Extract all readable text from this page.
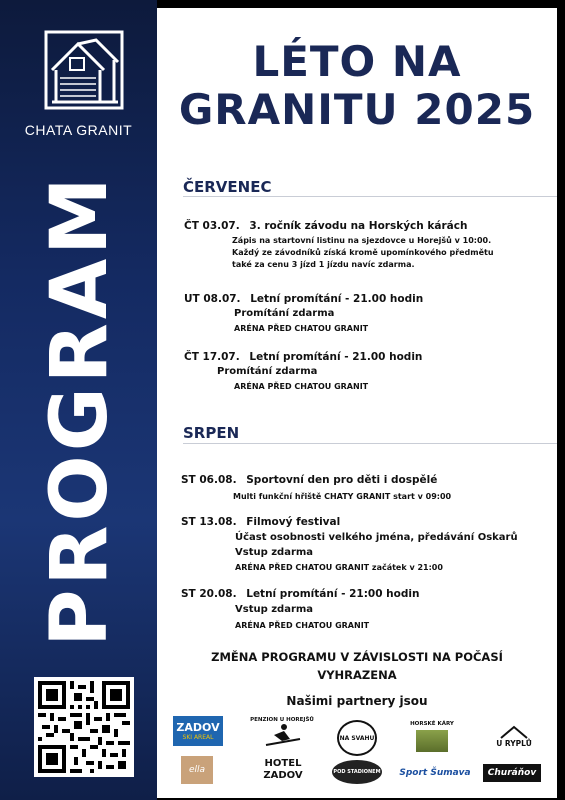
CHATA GRANIT
PROGRAM
LÉTO NA
GRANITU 2025
ČERVENEC
ČT 03.07. 3. ročník závodu na Horských kárách
Zápis na startovní listinu na sjezdovce u Horejšů v 10:00.
Každý ze závodníků získá kromě upomínkového předmětu
také za cenu 3 jízd 1 jízdu navíc zdarma.
UT 08.07. Letní promítání - 21.00 hodin
Promítání zdarma
ARÉNA PŘED CHATOU GRANIT
ČT 17.07. Letní promítání - 21.00 hodin
Promítání zdarma
ARÉNA PŘED CHATOU GRANIT
SRPEN
ST 06.08. Sportovní den pro děti i dospělé
Multi funkční hřiště CHATY GRANIT start v 09:00
ST 13.08. Filmový festival
Účast osobnosti velkého jména, předávání Oskarů
Vstup zdarma
ARÉNA PŘED CHATOU GRANIT začátek v 21:00
ST 20.08. Letní promítání - 21:00 hodin
Vstup zdarma
ARÉNA PŘED CHATOU GRANIT
ZMĚNA PROGRAMU V ZÁVISLOSTI NA POČASÍ
VYHRAZENA
Našimi partnery jsou
ZADOV
SKI AREAL
PENZION U HOREJŠŮ
NA SVAHU
HORSKÉ KÁRY
U RYPLŮ
ella
HOTEL
ZADOV	POD STADIONEM Sport Šumava Churáňov
